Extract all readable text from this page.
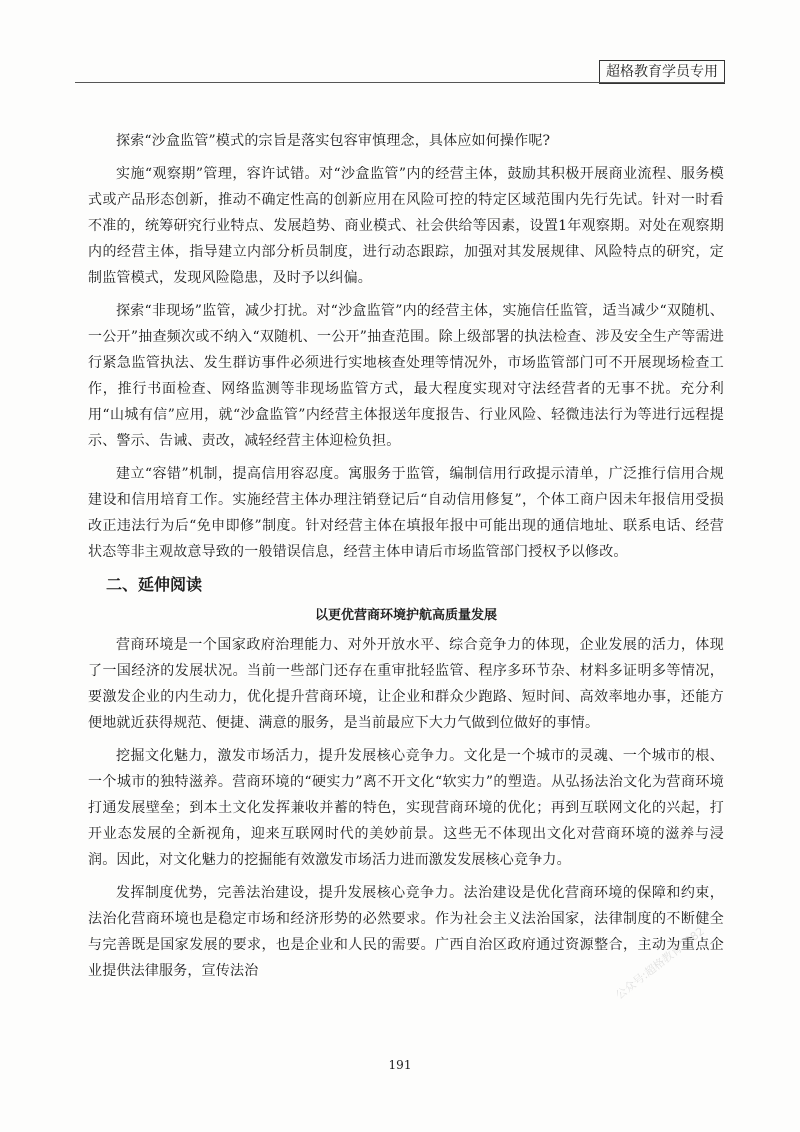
超格教育学员专用

探索“沙盒监管”模式的宗旨是落实包容审慎理念，具体应如何操作呢?

实施“观察期”管理，容许试错。对“沙盒监管”内的经营主体，鼓励其积极开展商业流程、服务模式或产品形态创新，推动不确定性高的创新应用在风险可控的特定区域范围内先行先试。针对一时看不准的，统筹研究行业特点、发展趋势、商业模式、社会供给等因素，设置1年观察期。对处在观察期内的经营主体，指导建立内部分析员制度，进行动态跟踪，加强对其发展规律、风险特点的研究，定制监管模式，发现风险隐患，及时予以纠偏。

探索“非现场”监管，减少打扰。对“沙盒监管”内的经营主体，实施信任监管，适当减少“双随机、一公开”抽查频次或不纳入“双随机、一公开”抽查范围。除上级部署的执法检查、涉及安全生产等需进行紧急监管执法、发生群访事件必须进行实地核查处理等情况外，市场监管部门可不开展现场检查工作，推行书面检查、网络监测等非现场监管方式，最大程度实现对守法经营者的无事不扰。充分利用“山城有信”应用，就“沙盒监管”内经营主体报送年度报告、行业风险、轻微违法行为等进行远程提示、警示、告诫、责改，减轻经营主体迎检负担。

建立“容错”机制，提高信用容忍度。寓服务于监管，编制信用行政提示清单，广泛推行信用合规建设和信用培育工作。实施经营主体办理注销登记后“自动信用修复”，个体工商户因未年报信用受损改正违法行为后“免申即修”制度。针对经营主体在填报年报中可能出现的通信地址、联系电话、经营状态等非主观故意导致的一般错误信息，经营主体申请后市场监管部门授权予以修改。

二、延伸阅读
以更优营商环境护航高质量发展

营商环境是一个国家政府治理能力、对外开放水平、综合竞争力的体现，企业发展的活力，体现了一国经济的发展状况。当前一些部门还存在重审批轻监管、程序多环节杂、材料多证明多等情况，要激发企业的内生动力，优化提升营商环境，让企业和群众少跑路、短时间、高效率地办事，还能方便地就近获得规范、便捷、满意的服务，是当前最应下大力气做到位做好的事情。

挖掘文化魅力，激发市场活力，提升发展核心竞争力。文化是一个城市的灵魂、一个城市的根、一个城市的独特滋养。营商环境的“硬实力”离不开文化“软实力”的塑造。从弘扬法治文化为营商环境打通发展壁垒；到本土文化发挥兼收并蓄的特色，实现营商环境的优化；再到互联网文化的兴起，打开业态发展的全新视角，迎来互联网时代的美妙前景。这些无不体现出文化对营商环境的滋养与浸润。因此，对文化魅力的挖掘能有效激发市场活力进而激发发展核心竞争力。

发挥制度优势，完善法治建设，提升发展核心竞争力。法治建设是优化营商环境的保障和约束，法治化营商环境也是稳定市场和经济形势的必然要求。作为社会主义法治国家，法律制度的不断健全与完善既是国家发展的要求，也是企业和人民的需要。广西自治区政府通过资源整合，主动为重点企业提供法律服务，宣传法治	公众号:超格教育2082
191
